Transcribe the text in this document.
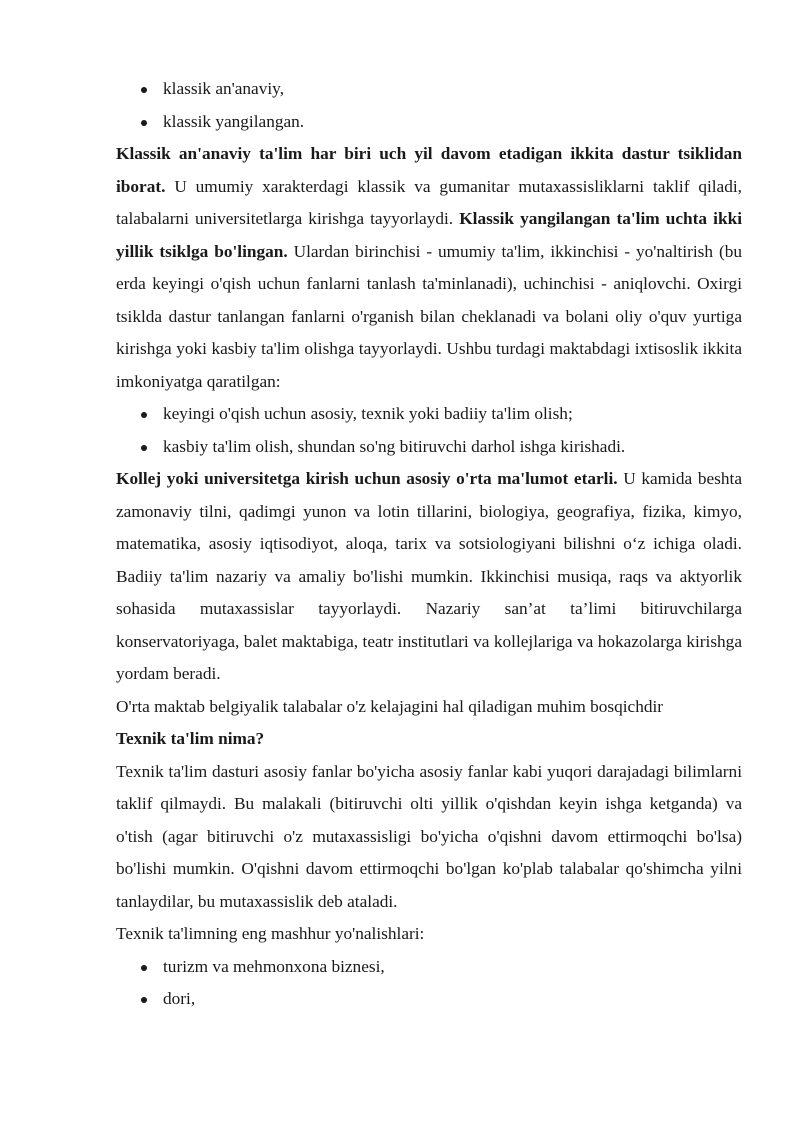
klassik an'anaviy,
klassik yangilangan.

Klassik an'anaviy ta'lim har biri uch yil davom etadigan ikkita dastur tsiklidan iborat. U umumiy xarakterdagi klassik va gumanitar mutaxassisliklarni taklif qiladi, talabalarni universitetlarga kirishga tayyorlaydi. Klassik yangilangan ta'lim uchta ikki yillik tsiklga bo'lingan. Ulardan birinchisi - umumiy ta'lim, ikkinchisi - yo'naltirish (bu erda keyingi o'qish uchun fanlarni tanlash ta'minlanadi), uchinchisi - aniqlovchi. Oxirgi tsiklda dastur tanlangan fanlarni o'rganish bilan cheklanadi va bolani oliy o'quv yurtiga kirishga yoki kasbiy ta'lim olishga tayyorlaydi. Ushbu turdagi maktabdagi ixtisoslik ikkita imkoniyatga qaratilgan:

keyingi o'qish uchun asosiy, texnik yoki badiiy ta'lim olish;
kasbiy ta'lim olish, shundan so'ng bitiruvchi darhol ishga kirishadi.

Kollej yoki universitetga kirish uchun asosiy o'rta ma'lumot etarli. U kamida beshta zamonaviy tilni, qadimgi yunon va lotin tillarini, biologiya, geografiya, fizika, kimyo, matematika, asosiy iqtisodiyot, aloqa, tarix va sotsiologiyani bilishni o‘z ichiga oladi. Badiiy ta'lim nazariy va amaliy bo'lishi mumkin. Ikkinchisi musiqa, raqs va aktyorlik sohasida mutaxassislar tayyorlaydi. Nazariy san’at ta’limi bitiruvchilarga konservatoriyaga, balet maktabiga, teatr institutlari va kollejlariga va hokazolarga kirishga yordam beradi.

O'rta maktab belgiyalik talabalar o'z kelajagini hal qiladigan muhim bosqichdir

Texnik ta'lim nima?

Texnik ta'lim dasturi asosiy fanlar bo'yicha asosiy fanlar kabi yuqori darajadagi bilimlarni taklif qilmaydi. Bu malakali (bitiruvchi olti yillik o'qishdan keyin ishga ketganda) va o'tish (agar bitiruvchi o'z mutaxassisligi bo'yicha o'qishni davom ettirmoqchi bo'lsa) bo'lishi mumkin. O'qishni davom ettirmoqchi bo'lgan ko'plab talabalar qo'shimcha yilni tanlaydilar, bu mutaxassislik deb ataladi.

Texnik ta'limning eng mashhur yo'nalishlari:

turizm va mehmonxona biznesi,
dori,
